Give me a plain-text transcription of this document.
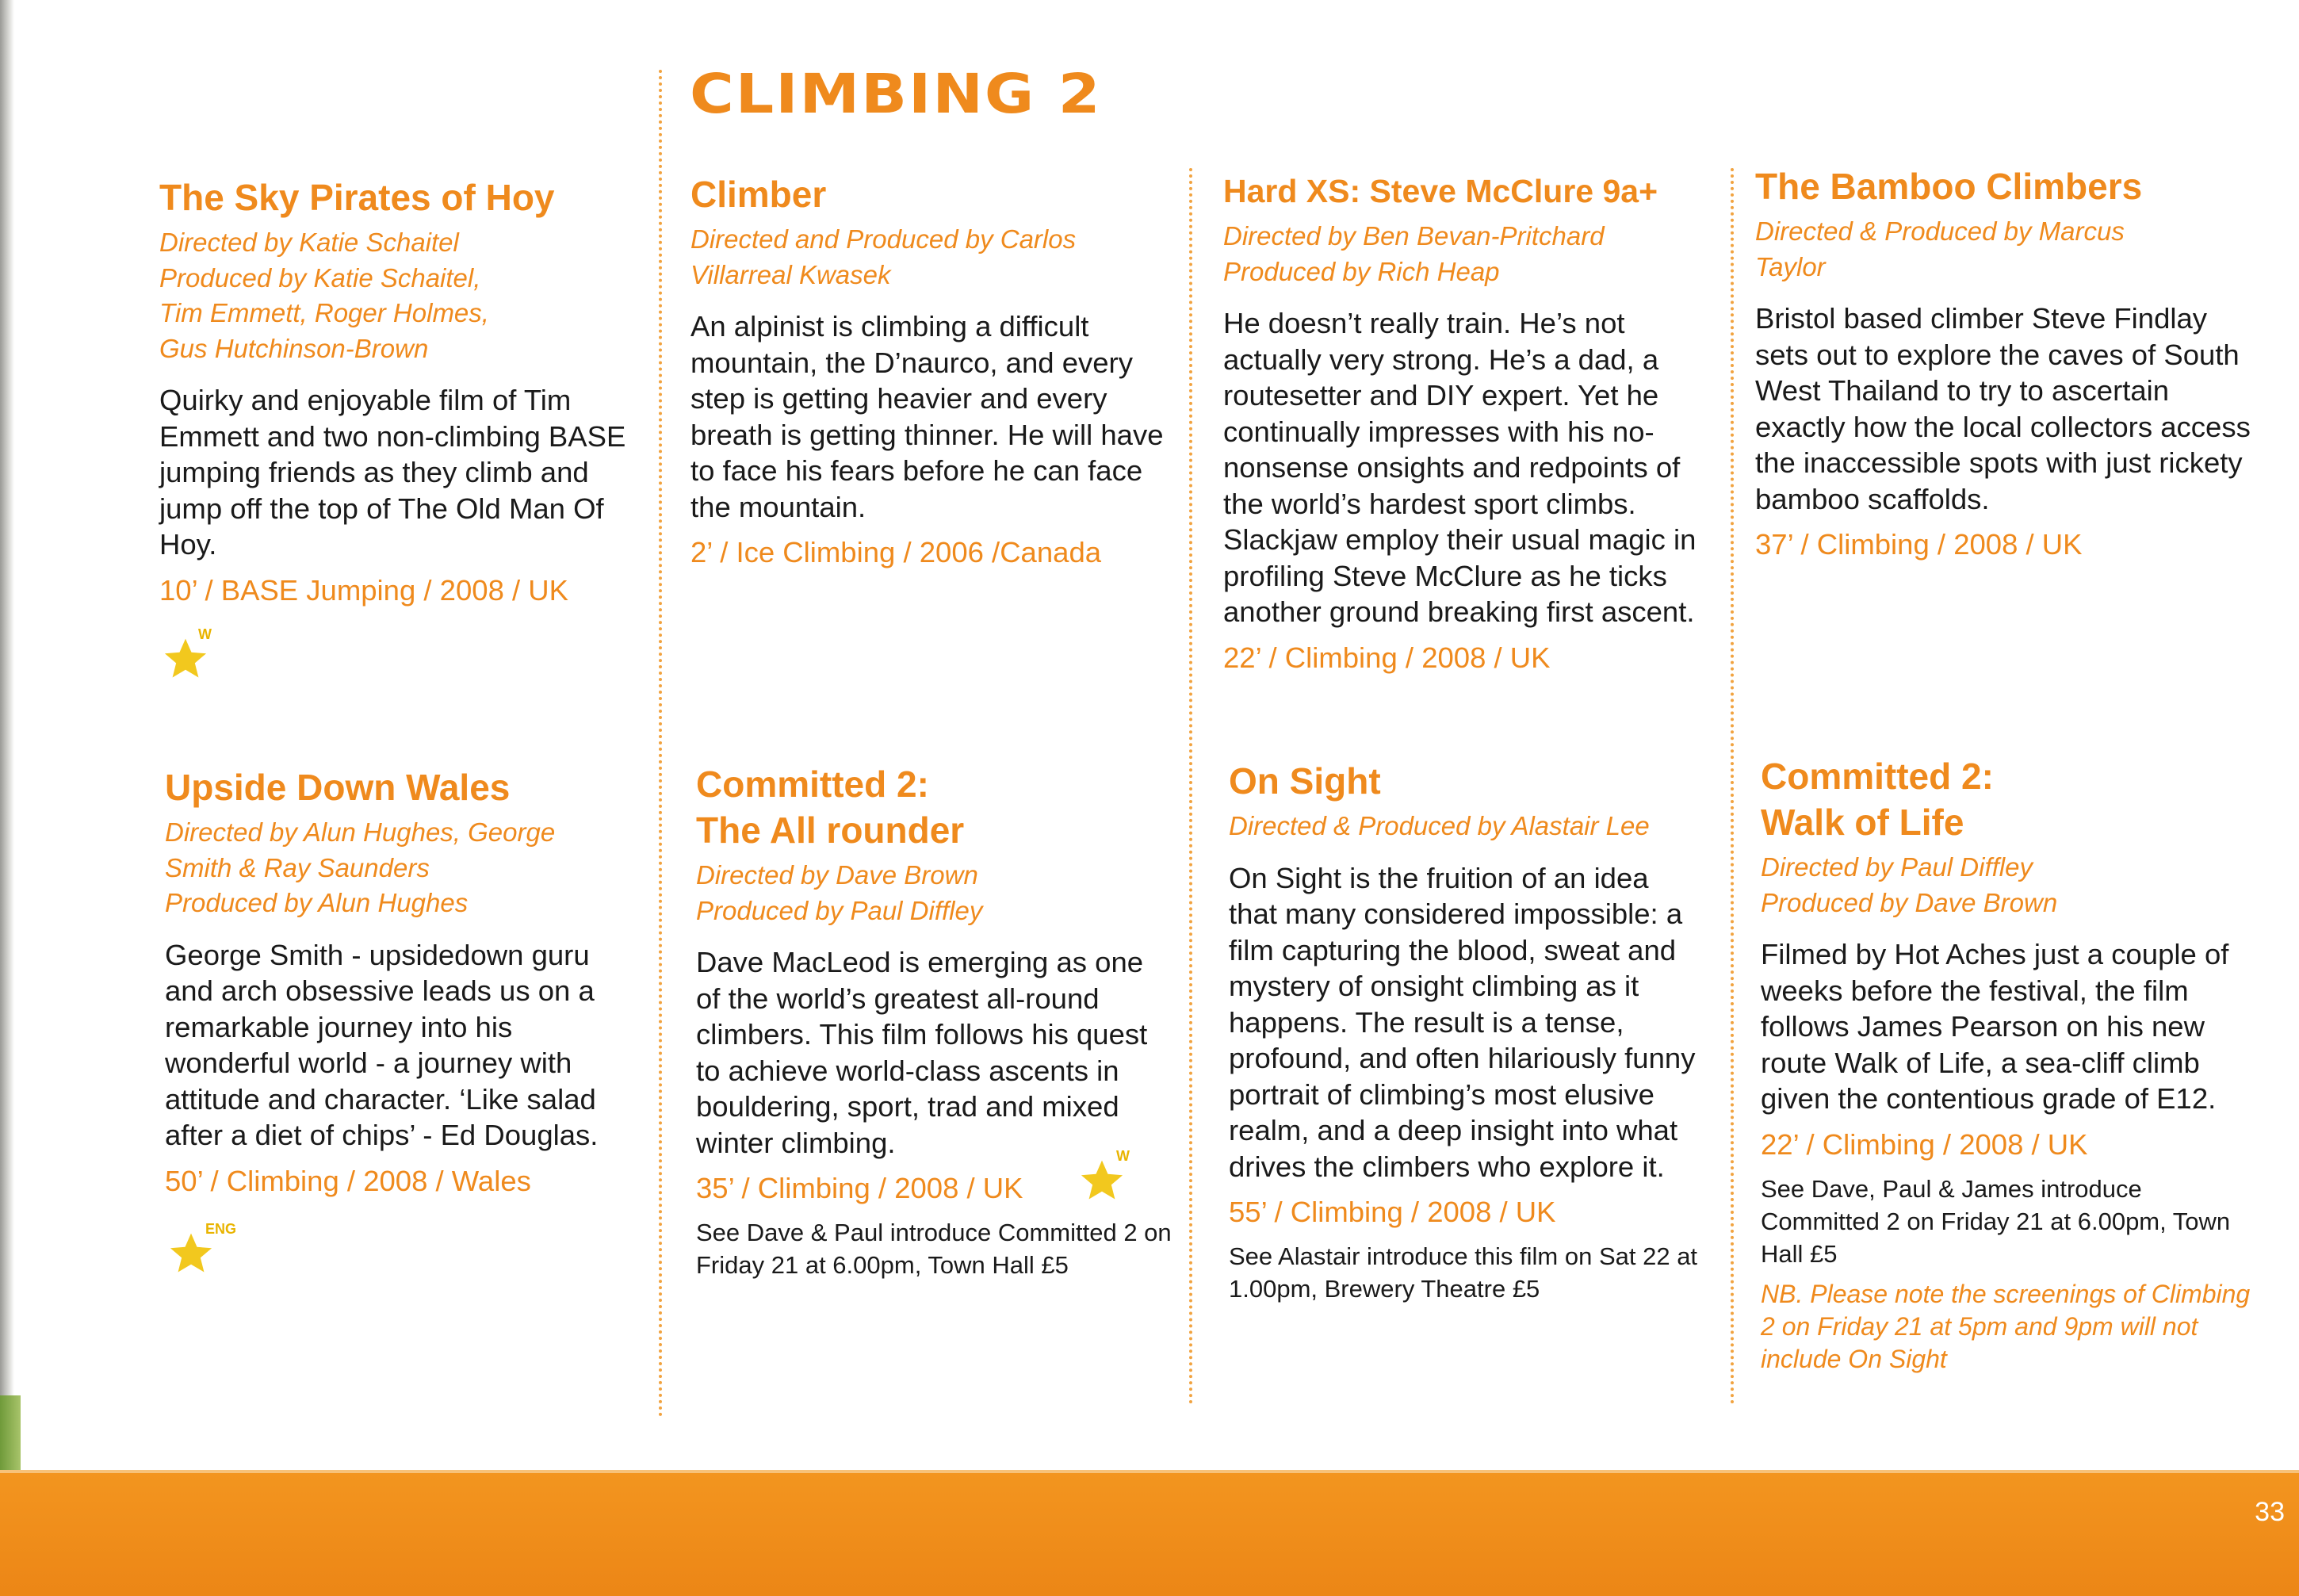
CLIMBING 2
The Sky Pirates of Hoy
Directed by Katie Schaitel
Produced by Katie Schaitel,
Tim Emmett, Roger Holmes,
Gus Hutchinson-Brown
Quirky and enjoyable film of Tim Emmett and two non-climbing BASE jumping friends as they climb and jump off the top of The Old Man Of Hoy.
10’ / BASE Jumping / 2008 / UK
Climber
Directed and Produced by Carlos
Villarreal Kwasek
An alpinist is climbing a difficult mountain, the D’naurco, and every step is getting heavier and every breath is getting thinner. He will have to face his fears before he can face the mountain.
2’ / Ice Climbing / 2006 /Canada
Hard XS: Steve McClure 9a+
Directed by Ben Bevan-Pritchard
Produced by Rich Heap
He doesn’t really train. He’s not actually very strong. He’s a dad, a routesetter and DIY expert. Yet he continually impresses with his no-nonsense onsights and redpoints of the world’s hardest sport climbs. Slackjaw employ their usual magic in profiling Steve McClure as he ticks another ground breaking first ascent.
22’ / Climbing / 2008 / UK
The Bamboo Climbers
Directed & Produced by Marcus
Taylor
Bristol based climber Steve Findlay sets out to explore the caves of South West Thailand to try to ascertain exactly how the local collectors access the inaccessible spots with just rickety bamboo scaffolds.
37’ / Climbing / 2008 / UK
Upside Down Wales
Directed by Alun Hughes, George
Smith & Ray Saunders
Produced by Alun Hughes
George Smith - upsidedown guru and arch obsessive leads us on a remarkable journey into his wonderful world - a journey with attitude and character. ‘Like salad after a diet of chips’ - Ed Douglas.
50’ / Climbing / 2008 / Wales
Committed 2:
The All rounder
Directed by Dave Brown
Produced by Paul Diffley
Dave MacLeod is emerging as one of the world’s greatest all-round climbers. This film follows his quest to achieve world-class ascents in bouldering, sport, trad and mixed winter climbing.
35’ / Climbing / 2008 / UK
See Dave & Paul introduce Committed 2 on Friday 21 at 6.00pm, Town Hall £5
On Sight
Directed & Produced by Alastair Lee
On Sight is the fruition of an idea that many considered impossible: a film capturing the blood, sweat and mystery of onsight climbing as it happens. The result is a tense, profound, and often hilariously funny portrait of climbing’s most elusive realm, and a deep insight into what drives the climbers who explore it.
55’ / Climbing / 2008 / UK
See Alastair introduce this film on Sat 22 at 1.00pm, Brewery Theatre £5
Committed 2:
Walk of Life
Directed by Paul Diffley
Produced by Dave Brown
Filmed by Hot Aches just a couple of weeks before the festival, the film follows James Pearson on his new route Walk of Life, a sea-cliff climb given the contentious grade of E12.
22’ / Climbing / 2008 / UK
See Dave, Paul & James introduce Committed 2 on Friday 21 at 6.00pm, Town Hall £5
NB. Please note the screenings of Climbing 2 on Friday 21 at 5pm and 9pm will not include On Sight
W
ENG
W
33
